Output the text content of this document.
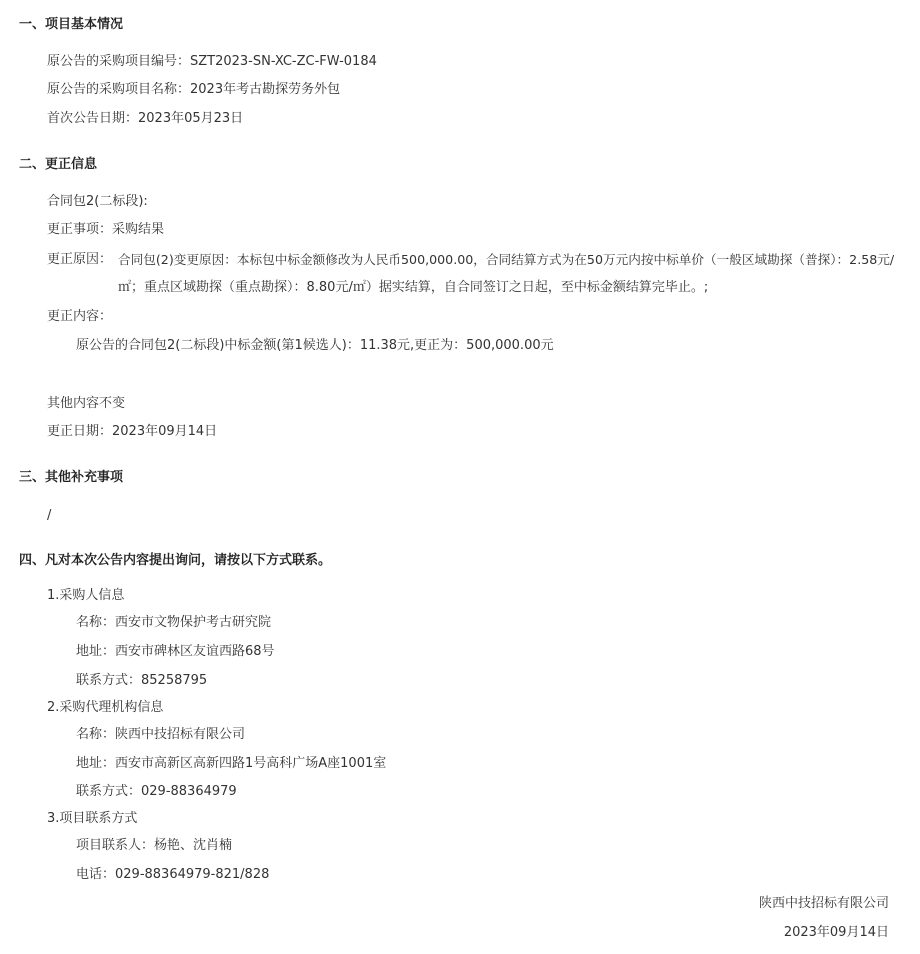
一、项目基本情况
原公告的采购项目编号：SZT2023-SN-XC-ZC-FW-0184
原公告的采购项目名称：2023年考古勘探劳务外包
首次公告日期：2023年05月23日
二、更正信息
合同包2(二标段):
更正事项：采购结果
更正原因： 合同包(2)变更原因：本标包中标金额修改为人民币500,000.00，合同结算方式为在50万元内按中标单价（一般区域勘探（普探）：2.58元/
㎡；重点区域勘探（重点勘探）：8.80元/㎡）据实结算，自合同签订之日起，至中标金额结算完毕止。;
更正内容：
原公告的合同包2(二标段)中标金额(第1候选人)：11.38元,更正为：500,000.00元
其他内容不变
更正日期：2023年09月14日
三、其他补充事项
/
四、凡对本次公告内容提出询问，请按以下方式联系。
1.采购人信息
名称：西安市文物保护考古研究院
地址：西安市碑林区友谊西路68号
联系方式：85258795
2.采购代理机构信息
名称：陕西中技招标有限公司
地址：西安市高新区高新四路1号高科广场A座1001室
联系方式：029-88364979
3.项目联系方式
项目联系人：杨艳、沈肖楠
电话：029-88364979-821/828
陕西中技招标有限公司
2023年09月14日
